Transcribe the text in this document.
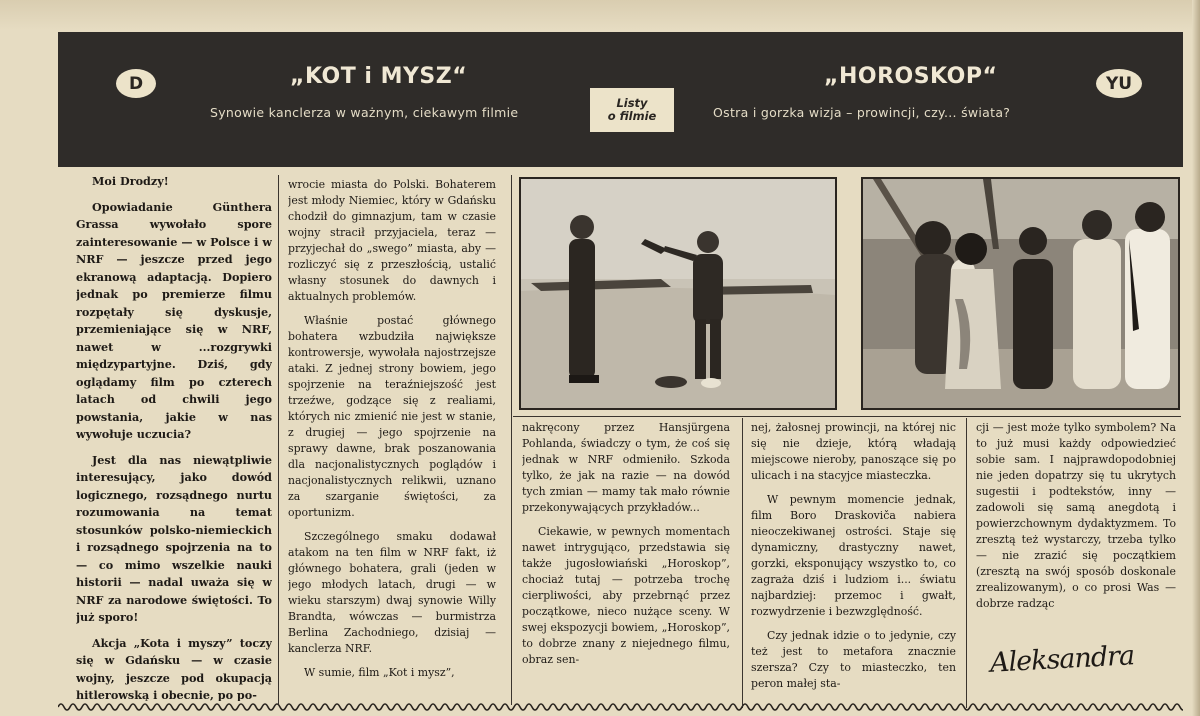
D	„KOT i MYSZ“
Synowie kanclerza w ważnym, ciekawym filmie
Listy
o filmie
„HOROSKOP“
Ostra i gorzka wizja – prowincji, czy... świata?
YU

Moi Drodzy!

Opowiadanie Günthera Grassa wywołało spore zainteresowanie — w Polsce i w NRF — jeszcze przed jego ekranową adaptacją. Dopiero jednak po premierze filmu rozpętały się dyskusje, przemieniające się w NRF, nawet w ...rozgrywki międzypartyjne. Dziś, gdy oglądamy film po czterech latach od chwili jego powstania, jakie w nas wywołuje uczucia?

Jest dla nas niewątpliwie interesujący, jako dowód logicznego, rozsądnego nurtu rozumowania na temat stosunków polsko-niemieckich i rozsądnego spojrzenia na to — co mimo wszelkie nauki historii — nadal uważa się w NRF za narodowe świętości. To już sporo!

Akcja „Kota i myszy” toczy się w Gdańsku — w czasie wojny, jeszcze pod okupacją hitlerowską i obecnie, po po-

wrocie miasta do Polski. Bohaterem jest młody Niemiec, który w Gdańsku chodził do gimnazjum, tam w czasie wojny stracił przyjaciela, teraz — przyjechał do „swego” miasta, aby — rozliczyć się z przeszłością, ustalić własny stosunek do dawnych i aktualnych problemów.

Właśnie postać głównego bohatera wzbudziła największe kontrowersje, wywołała najostrzejsze ataki. Z jednej strony bowiem, jego spojrzenie na teraźniejszość jest trzeźwe, godzące się z realiami, których nic zmienić nie jest w stanie, z drugiej — jego spojrzenie na sprawy dawne, brak poszanowania dla nacjonalistycznych poglądów i nacjonalistycznych relikwii, uznano za szarganie świętości, za oportunizm.

Szczególnego smaku dodawał atakom na ten film w NRF fakt, iż głównego bohatera, grali (jeden w jego młodych latach, drugi — w wieku starszym) dwaj synowie Willy Brandta, wówczas — burmistrza Berlina Zachodniego, dzisiaj — kanclerza NRF.

W sumie, film „Kot i mysz”,

nakręcony przez Hansjürgena Pohlanda, świadczy o tym, że coś się jednak w NRF odmieniło. Szkoda tylko, że jak na razie — na dowód tych zmian — mamy tak mało równie przekonywających przykładów...

Ciekawie, w pewnych momentach nawet intrygująco, przedstawia się także jugosłowiański „Horoskop”, chociaż tutaj — potrzeba trochę cierpliwości, aby przebrnąć przez początkowe, nieco nużące sceny. W swej ekspozycji bowiem, „Horoskop”, to dobrze znany z niejednego filmu, obraz sen-

nej, żałosnej prowincji, na której nic się nie dzieje, którą władają miejscowe nieroby, panoszące się po ulicach i na stacyjce miasteczka.

W pewnym momencie jednak, film Boro Draskoviča nabiera nieoczekiwanej ostrości. Staje się dynamiczny, drastyczny nawet, gorzki, eksponujący wszystko to, co zagraża dziś i ludziom i... światu najbardziej: przemoc i gwałt, rozwydrzenie i bezwzględność.

Czy jednak idzie o to jedynie, czy też jest to metafora znacznie szersza? Czy to miasteczko, ten peron małej sta-

cji — jest może tylko symbolem? Na to już musi każdy odpowiedzieć sobie sam. I najprawdopodobniej nie jeden dopatrzy się tu ukrytych sugestii i podtekstów, inny — zadowoli się samą anegdotą i powierzchownym dydaktyzmem. To zresztą też wystarczy, trzeba tylko — nie zrazić się początkiem (zresztą na swój sposób doskonale zrealizowanym), o co prosi Was — dobrze radząc

Aleksandra
